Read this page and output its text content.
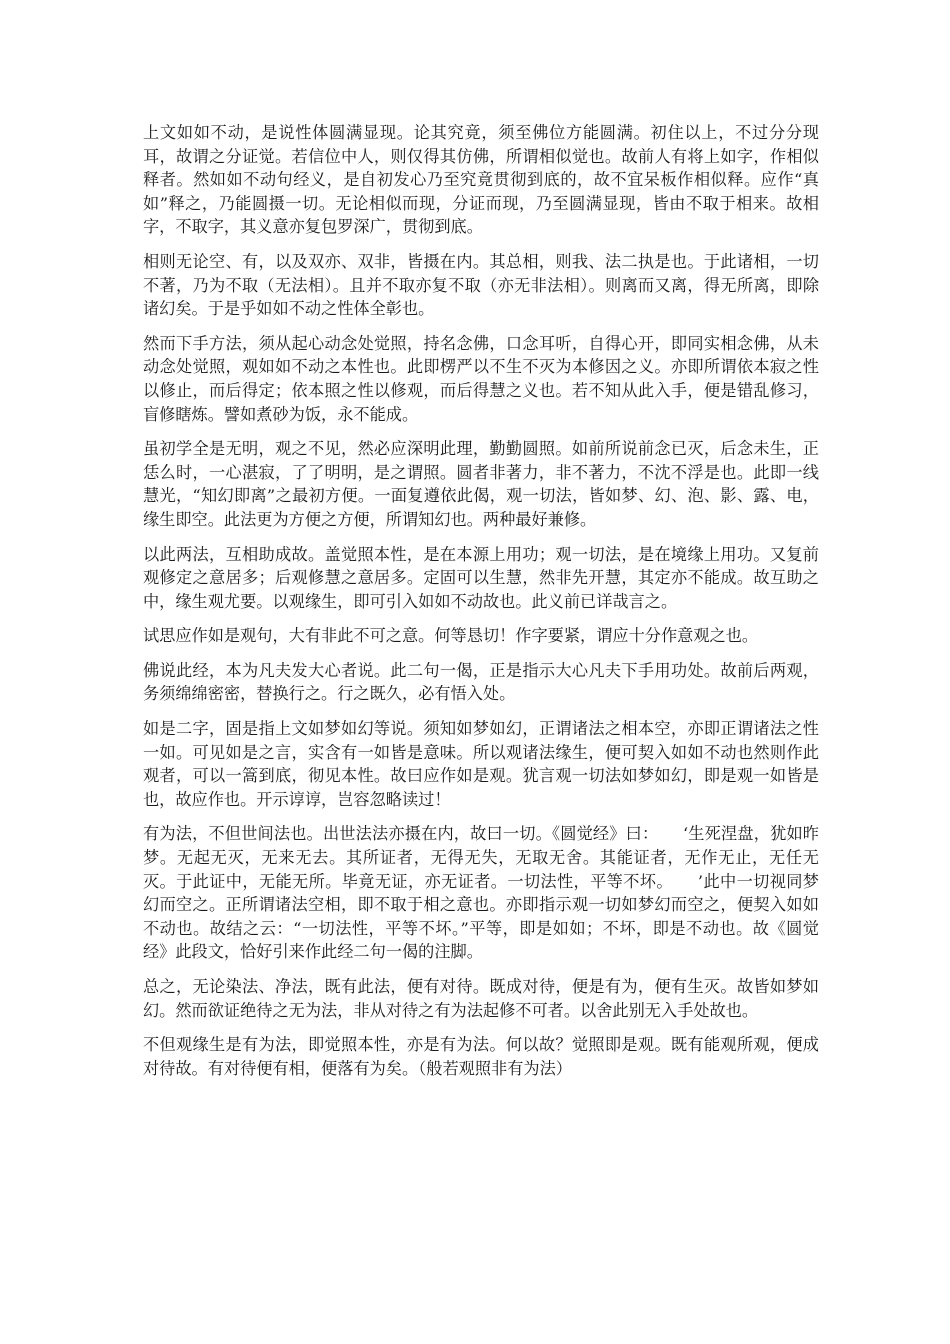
上文如如不动，是说性体圆满显现。论其究竟，须至佛位方能圆满。初住以上，不过分分现耳，故谓之分证觉。若信位中人，则仅得其仿佛，所谓相似觉也。故前人有将上如字，作相似释者。然如如不动句经义，是自初发心乃至究竟贯彻到底的，故不宜呆板作相似释。应作“真如”释之，乃能圆摄一切。无论相似而现，分证而现，乃至圆满显现，皆由不取于相来。故相字，不取字，其义意亦复包罗深广，贯彻到底。

相则无论空、有，以及双亦、双非，皆摄在内。其总相，则我、法二执是也。于此诸相，一切不著，乃为不取（无法相）。且并不取亦复不取（亦无非法相）。则离而又离，得无所离，即除诸幻矣。于是乎如如不动之性体全彰也。

然而下手方法，须从起心动念处觉照，持名念佛，口念耳听，自得心开，即同实相念佛，从未动念处觉照，观如如不动之本性也。此即楞严以不生不灭为本修因之义。亦即所谓依本寂之性以修止，而后得定；依本照之性以修观，而后得慧之义也。若不知从此入手，便是错乱修习，盲修瞎炼。譬如煮砂为饭，永不能成。

虽初学全是无明，观之不见，然必应深明此理，勤勤圆照。如前所说前念已灭，后念未生，正恁么时，一心湛寂，了了明明，是之谓照。圆者非著力，非不著力，不沈不浮是也。此即一线慧光，“知幻即离”之最初方便。一面复遵依此偈，观一切法，皆如梦、幻、泡、影、露、电，缘生即空。此法更为方便之方便，所谓知幻也。两种最好兼修。

以此两法，互相助成故。盖觉照本性，是在本源上用功；观一切法，是在境缘上用功。又复前观修定之意居多；后观修慧之意居多。定固可以生慧，然非先开慧，其定亦不能成。故互助之中，缘生观尤要。以观缘生，即可引入如如不动故也。此义前已详哉言之。

试思应作如是观句，大有非此不可之意。何等恳切！作字要紧，谓应十分作意观之也。

佛说此经，本为凡夫发大心者说。此二句一偈，正是指示大心凡夫下手用功处。故前后两观，务须绵绵密密，替换行之。行之既久，必有悟入处。

如是二字，固是指上文如梦如幻等说。须知如梦如幻，正谓诸法之相本空，亦即正谓诸法之性一如。可见如是之言，实含有一如皆是意味。所以观诸法缘生，便可契入如如不动也然则作此观者，可以一篙到底，彻见本性。故曰应作如是观。犹言观一切法如梦如幻，即是观一如皆是也，故应作也。开示谆谆，岂容忽略读过！

有为法，不但世间法也。出世法法亦摄在内，故曰一切。《圆觉经》曰：　　‘生死涅盘，犹如昨梦。无起无灭，无来无去。其所证者，无得无失，无取无舍。其能证者，无作无止，无任无灭。于此证中，无能无所。毕竟无证，亦无证者。一切法性，平等不坏。　　’此中一切视同梦幻而空之。正所谓诸法空相，即不取于相之意也。亦即指示观一切如梦幻而空之，便契入如如不动也。故结之云：“一切法性，平等不坏。”平等，即是如如；不坏，即是不动也。故《圆觉经》此段文，恰好引来作此经二句一偈的注脚。

总之，无论染法、净法，既有此法，便有对待。既成对待，便是有为，便有生灭。故皆如梦如幻。然而欲证绝待之无为法，非从对待之有为法起修不可者。以舍此别无入手处故也。

不但观缘生是有为法，即觉照本性，亦是有为法。何以故？觉照即是观。既有能观所观，便成对待故。有对待便有相，便落有为矣。（般若观照非有为法）
